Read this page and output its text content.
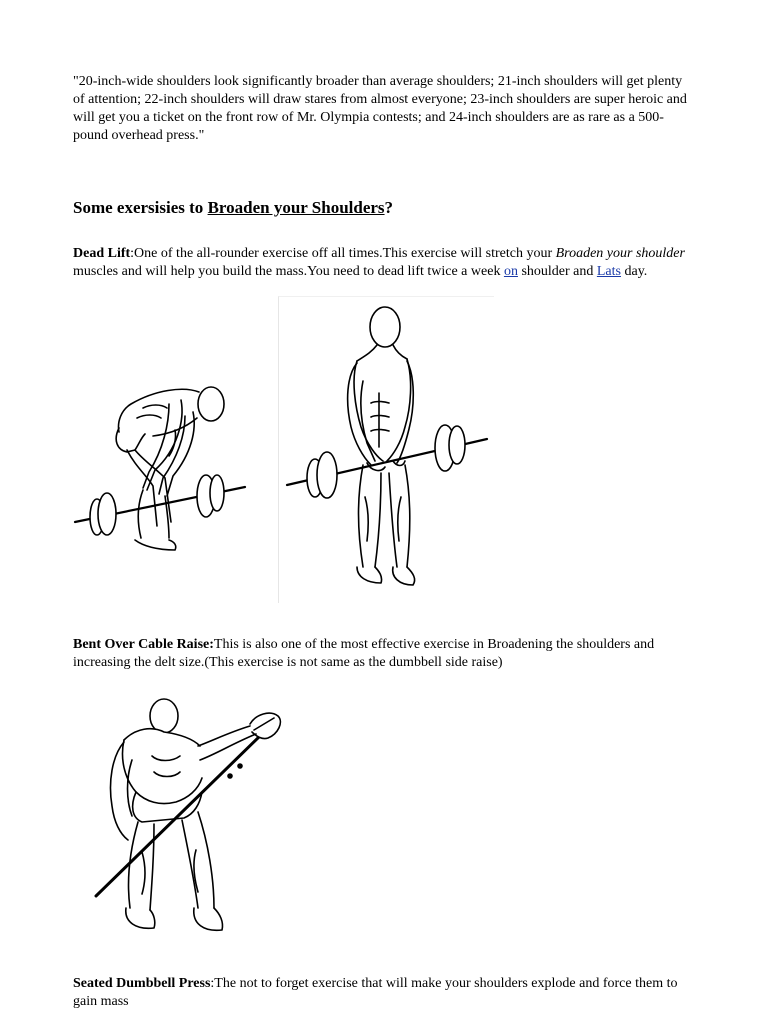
"20-inch-wide shoulders look significantly broader than average shoulders; 21-inch shoulders will get plenty of attention; 22-inch shoulders will draw stares from almost everyone; 23-inch shoulders are super heroic and will get you a ticket on the front row of Mr. Olympia contests; and 24-inch shoulders are as rare as a 500-pound overhead press."

Some exersisies to Broaden your Shoulders?

Dead Lift:One of the all-rounder exercise off all times.This exercise will stretch your Broaden your shoulder muscles and will help you build the mass.You need to dead lift twice a week on shoulder and Lats day.

Bent Over Cable Raise:This is also one of the most effective exercise in Broadening the shoulders and increasing the delt size.(This exercise is not same as the dumbbell side raise)

Seated Dumbbell Press:The not to forget exercise that will make your shoulders explode and force them to gain mass
